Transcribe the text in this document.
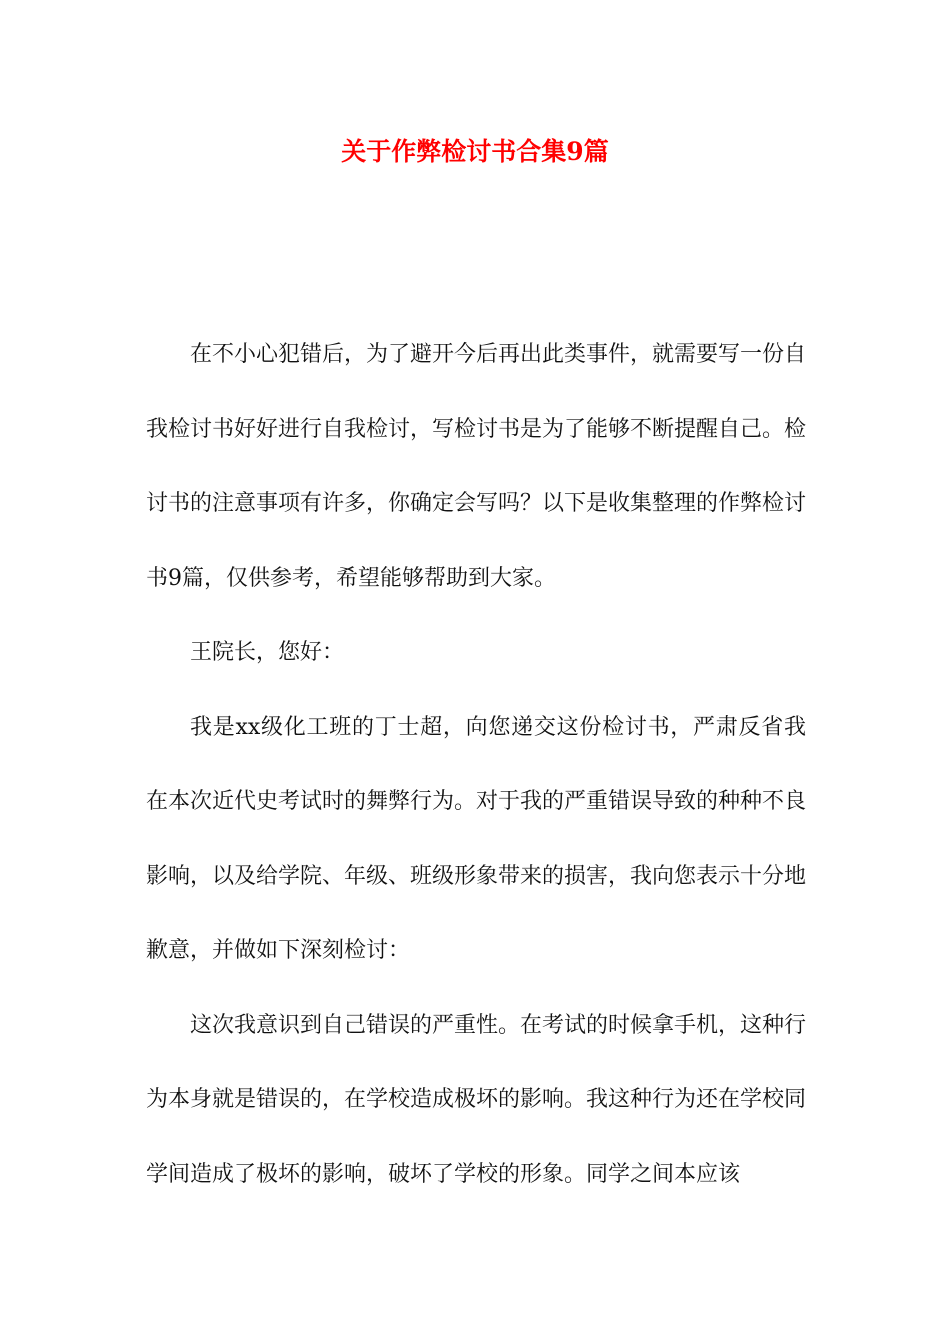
关于作弊检讨书合集9篇

在不小心犯错后，为了避开今后再出此类事件，就需要写一份自我检讨书好好进行自我检讨，写检讨书是为了能够不断提醒自己。检讨书的注意事项有许多，你确定会写吗？以下是收集整理的作弊检讨书9篇，仅供参考，希望能够帮助到大家。

王院长，您好：

我是xx级化工班的丁士超，向您递交这份检讨书，严肃反省我在本次近代史考试时的舞弊行为。对于我的严重错误导致的种种不良影响，以及给学院、年级、班级形象带来的损害，我向您表示十分地歉意，并做如下深刻检讨：

这次我意识到自己错误的严重性。在考试的时候拿手机，这种行为本身就是错误的，在学校造成极坏的影响。我这种行为还在学校同学间造成了极坏的影响，破坏了学校的形象。同学之间本应该
